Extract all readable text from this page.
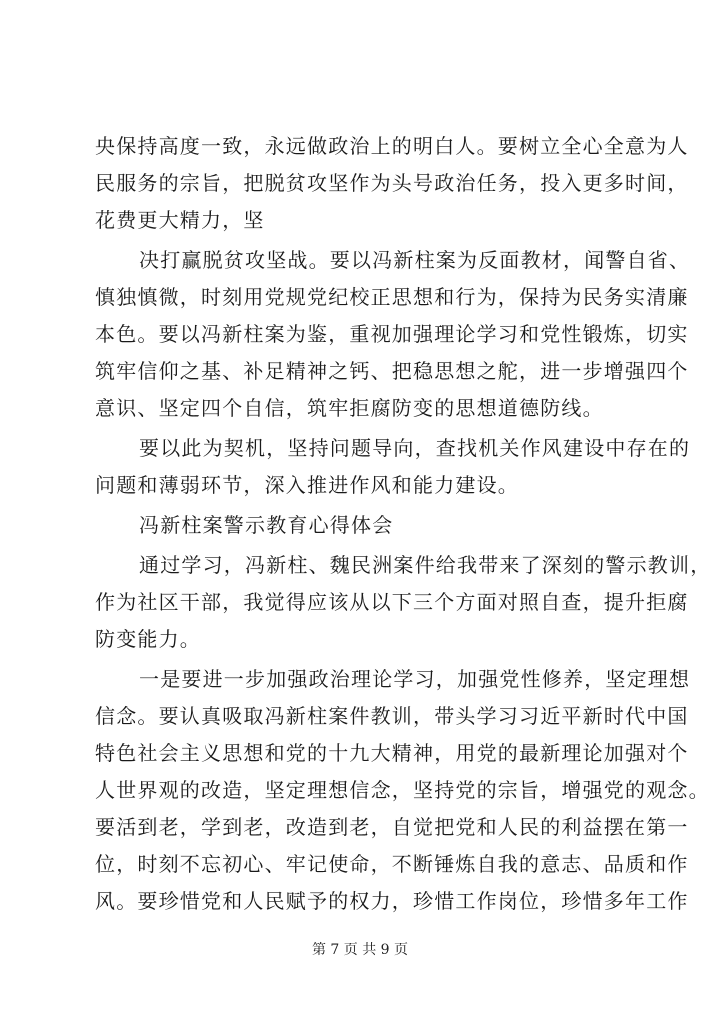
央保持高度一致，永远做政治上的明白人。要树立全心全意为人
民服务的宗旨，把脱贫攻坚作为头号政治任务，投入更多时间，
花费更大精力，坚
决打赢脱贫攻坚战。要以冯新柱案为反面教材，闻警自省、
慎独慎微，时刻用党规党纪校正思想和行为，保持为民务实清廉
本色。要以冯新柱案为鉴，重视加强理论学习和党性锻炼，切实
筑牢信仰之基、补足精神之钙、把稳思想之舵，进一步增强四个
意识、坚定四个自信，筑牢拒腐防变的思想道德防线。
要以此为契机，坚持问题导向，查找机关作风建设中存在的
问题和薄弱环节，深入推进作风和能力建设。
冯新柱案警示教育心得体会
通过学习，冯新柱、魏民洲案件给我带来了深刻的警示教训，
作为社区干部，我觉得应该从以下三个方面对照自查，提升拒腐
防变能力。
一是要进一步加强政治理论学习，加强党性修养，坚定理想
信念。要认真吸取冯新柱案件教训，带头学习习近平新时代中国
特色社会主义思想和党的十九大精神，用党的最新理论加强对个
人世界观的改造，坚定理想信念，坚持党的宗旨，增强党的观念。
要活到老，学到老，改造到老，自觉把党和人民的利益摆在第一
位，时刻不忘初心、牢记使命，不断锤炼自我的意志、品质和作
风。要珍惜党和人民赋予的权力，珍惜工作岗位，珍惜多年工作
第 7 页 共 9 页
